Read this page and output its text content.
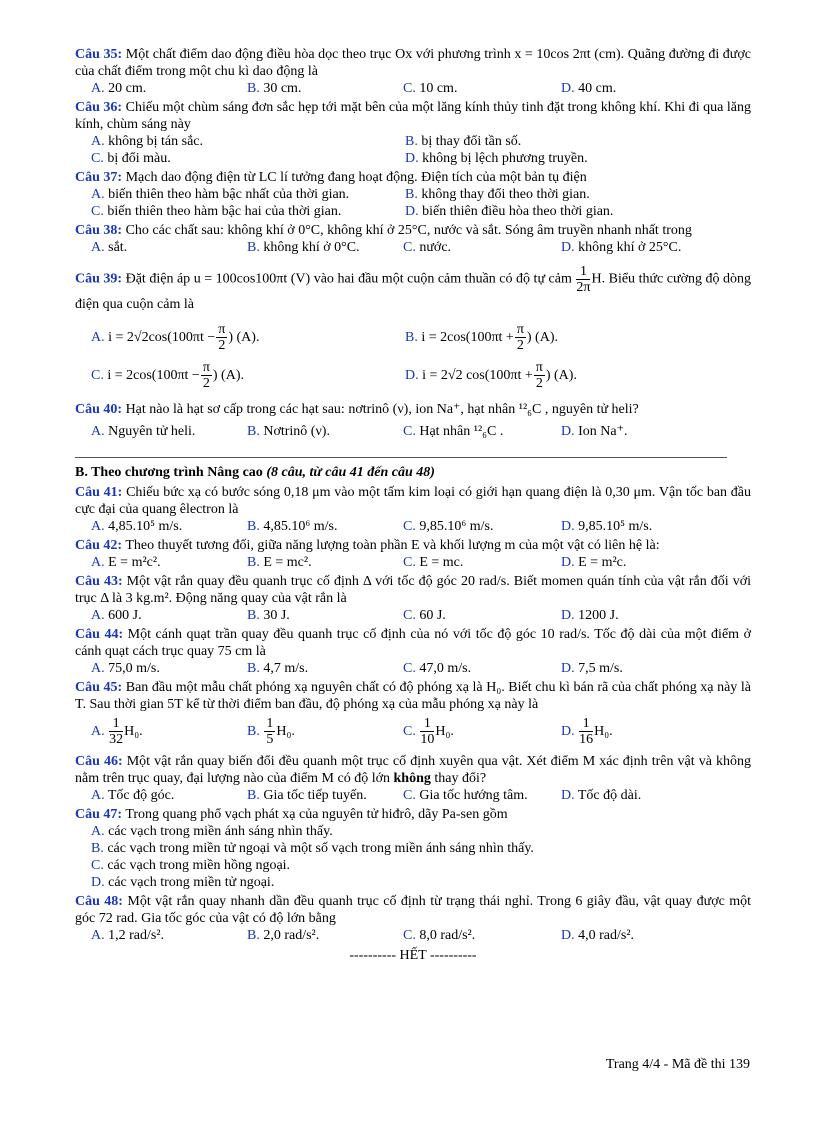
Câu 35: Một chất điểm dao động điều hòa dọc theo trục Ox với phương trình x = 10cos 2πt (cm). Quãng đường đi được của chất điểm trong một chu kì dao động là
A. 20 cm.	B. 30 cm.	C. 10 cm.	D. 40 cm.
Câu 36: Chiếu một chùm sáng đơn sắc hẹp tới mặt bên của một lăng kính thủy tinh đặt trong không khí. Khi đi qua lăng kính, chùm sáng này
A. không bị tán sắc.	B. bị thay đổi tần số.
C. bị đổi màu.	D. không bị lệch phương truyền.
Câu 37: Mạch dao động điện từ LC lí tưởng đang hoạt động. Điện tích của một bản tụ điện
A. biến thiên theo hàm bậc nhất của thời gian.	B. không thay đổi theo thời gian.
C. biến thiên theo hàm bậc hai của thời gian.	D. biến thiên điều hòa theo thời gian.
Câu 38: Cho các chất sau: không khí ở 0°C, không khí ở 25°C, nước và sắt. Sóng âm truyền nhanh nhất trong
A. sắt.	B. không khí ở 0°C.	C. nước.	D. không khí ở 25°C.
Câu 39: Đặt điện áp u = 100cos100πt (V) vào hai đầu một cuộn cảm thuần có độ tự cảm $\frac{1}{2\pi} H$. Biểu thức cường độ dòng điện qua cuộn cảm là
A. $i = 2√2\cos(100\pi t - \frac{\pi}{2}$ ) (A).	B. $i = 2\cos(100\pi t + \frac{\pi}{2}$ ) (A).
C. $i = 2\cos(100\pi t - \frac{\pi}{2}$ ) (A).	D. i = 2√2 $\cos(100\pi t + \frac{\pi}{2}$ ) (A).
Câu 40: Hạt nào là hạt sơ cấp trong các hạt sau: nơtrinô (ν), ion Na⁺, hạt nhân ¹²₆C , nguyên tử heli?
A. Nguyên tử heli.	B. Nơtrinô (ν).	C. Hạt nhân ¹²₆C .	D. Ion Na⁺.
B. Theo chương trình Nâng cao (8 câu, từ câu 41 đến câu 48)
Câu 41: Chiếu bức xạ có bước sóng 0,18 μm vào một tấm kim loại có giới hạn quang điện là 0,30 μm. Vận tốc ban đầu cực đại của quang êlectron là
A. 4,85.10⁵ m/s.	B. 4,85.10⁶ m/s.	C. 9,85.10⁶ m/s.	D. 9,85.10⁵ m/s.
Câu 42: Theo thuyết tương đối, giữa năng lượng toàn phần E và khối lượng m của một vật có liên hệ là:
A. E = m²c².	B. E = mc².	C. E = mc.	D. E = m²c.
Câu 43: Một vật rắn quay đều quanh trục cố định Δ với tốc độ góc 20 rad/s. Biết momen quán tính của vật rắn đối với trục Δ là 3 kg.m². Động năng quay của vật rắn là
A. 600 J.	B. 30 J.	C. 60 J.	D. 1200 J.
Câu 44: Một cánh quạt trần quay đều quanh trục cố định của nó với tốc độ góc 10 rad/s. Tốc độ dài của một điểm ở cánh quạt cách trục quay 75 cm là
A. 75,0 m/s.	B. 4,7 m/s.	C. 47,0 m/s.	D. 7,5 m/s.
Câu 45: Ban đầu một mẫu chất phóng xạ nguyên chất có độ phóng xạ là H₀. Biết chu kì bán rã của chất phóng xạ này là T. Sau thời gian 5T kể từ thời điểm ban đầu, độ phóng xạ của mẫu phóng xạ này là
A. $\frac{1}{32} H_0$.	B. $\frac{1}{5} H_0$.	C. $\frac{1}{10} H_0$.	D. $\frac{1}{16} H_0$.
Câu 46: Một vật rắn quay biến đổi đều quanh một trục cố định xuyên qua vật. Xét điểm M xác định trên vật và không nằm trên trục quay, đại lượng nào của điểm M có độ lớn không thay đổi?
A. Tốc độ góc.	B. Gia tốc tiếp tuyến.	C. Gia tốc hướng tâm.	D. Tốc độ dài.
Câu 47: Trong quang phổ vạch phát xạ của nguyên tử hiđrô, dãy Pa-sen gồm
A. các vạch trong miền ánh sáng nhìn thấy.
B. các vạch trong miền tử ngoại và một số vạch trong miền ánh sáng nhìn thấy.
C. các vạch trong miền hồng ngoại.
D. các vạch trong miền tử ngoại.
Câu 48: Một vật rắn quay nhanh dần đều quanh trục cố định từ trạng thái nghỉ. Trong 6 giây đầu, vật quay được một góc 72 rad. Gia tốc góc của vật có độ lớn bằng
A. 1,2 rad/s².	B. 2,0 rad/s².	C. 8,0 rad/s².	D. 4,0 rad/s².
---------- HẾT ----------
Trang 4/4 - Mã đề thi 139
